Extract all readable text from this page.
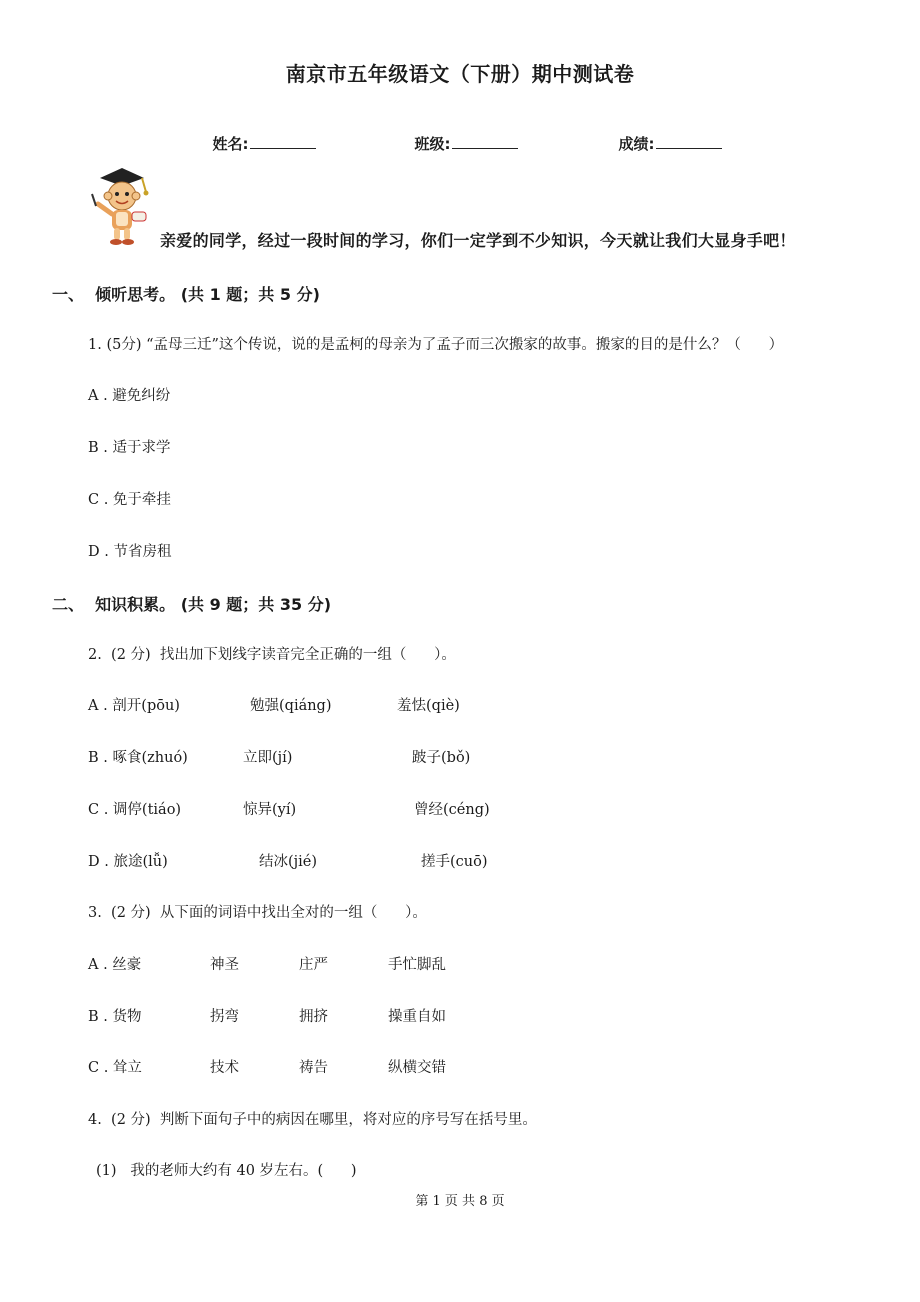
南京市五年级语文（下册）期中测试卷

姓名:	班级:	成绩:

亲爱的同学，经过一段时间的学习，你们一定学到不少知识，今天就让我们大显身手吧！
一、  倾听思考。 (共 1 题；共 5 分)
1. (5分) “孟母三迁”这个传说，说的是孟柯的母亲为了孟子而三次搬家的故事。搬家的目的是什么？（      ）
A . 避免纠纷
B . 适于求学
C . 免于牵挂
D . 节省房租
二、  知识积累。 (共 9 题；共 35 分)
2.  (2 分)  找出加下划线字读音完全正确的一组（      ）。
A . 剖开(pōu)	勉强(qiáng)	羞怯(qiè)
B . 啄食(zhuó)	立即(jí)	跛子(bǒ)
C . 调停(tiáo)	惊异(yí)	曾经(céng)
D . 旅途(lǚ)	结冰(jié)	搓手(cuō)
3.  (2 分)  从下面的词语中找出全对的一组（      ）。
A . 丝豪	神圣	庄严	手忙脚乱
B . 货物	拐弯	拥挤	操重自如
C . 耸立	技术	祷告	纵横交错
4.  (2 分)  判断下面句子中的病因在哪里，将对应的序号写在括号里。
(1)   我的老师大约有 40 岁左右。(      )
第 1 页 共 8 页
